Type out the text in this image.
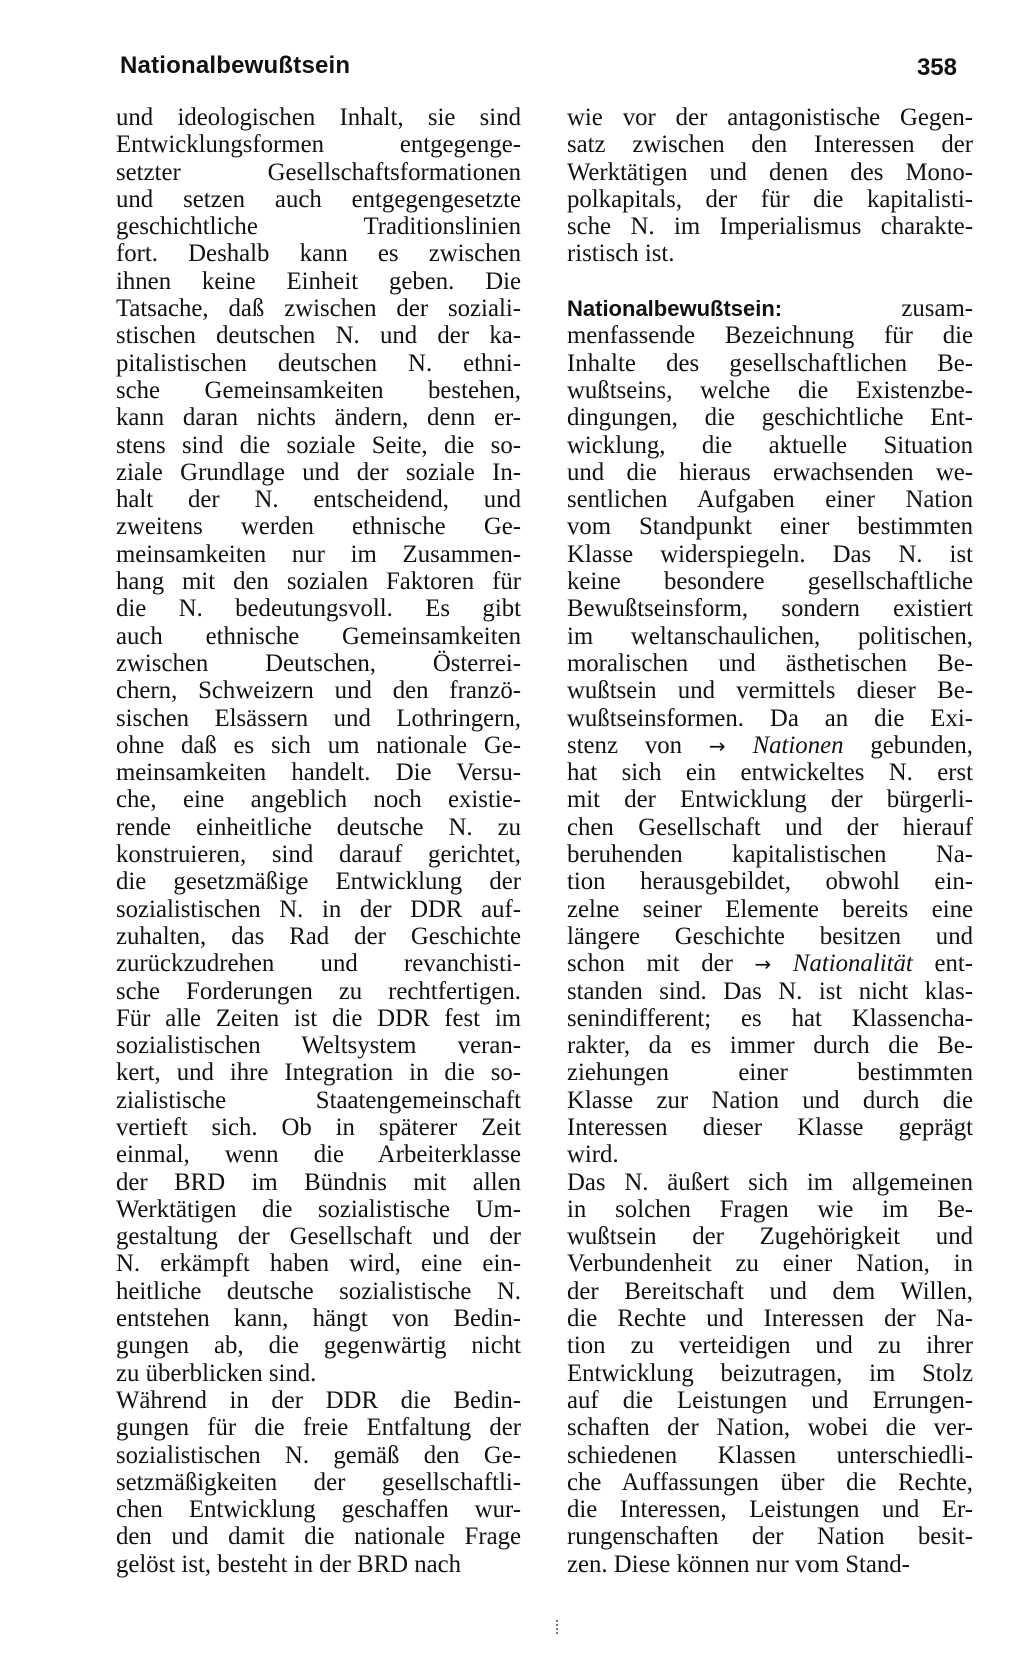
Nationalbewußtsein	358
und ideologischen Inhalt, sie sind
Entwicklungsformen entgegenge-
setzter Gesellschaftsformationen
und setzen auch entgegengesetzte
geschichtliche Traditionslinien
fort. Deshalb kann es zwischen
ihnen keine Einheit geben. Die
Tatsache, daß zwischen der soziali-
stischen deutschen N. und der ka-
pitalistischen deutschen N. ethni-
sche Gemeinsamkeiten bestehen,
kann daran nichts ändern, denn er-
stens sind die soziale Seite, die so-
ziale Grundlage und der soziale In-
halt der N. entscheidend, und
zweitens werden ethnische Ge-
meinsamkeiten nur im Zusammen-
hang mit den sozialen Faktoren für
die N. bedeutungsvoll. Es gibt
auch ethnische Gemeinsamkeiten
zwischen Deutschen, Österrei-
chern, Schweizern und den franzö-
sischen Elsässern und Lothringern,
ohne daß es sich um nationale Ge-
meinsamkeiten handelt. Die Versu-
che, eine angeblich noch existie-
rende einheitliche deutsche N. zu
konstruieren, sind darauf gerichtet,
die gesetzmäßige Entwicklung der
sozialistischen N. in der DDR auf-
zuhalten, das Rad der Geschichte
zurückzudrehen und revanchisti-
sche Forderungen zu rechtfertigen.
Für alle Zeiten ist die DDR fest im
sozialistischen Weltsystem veran-
kert, und ihre Integration in die so-
zialistische Staatengemeinschaft
vertieft sich. Ob in späterer Zeit
einmal, wenn die Arbeiterklasse
der BRD im Bündnis mit allen
Werktätigen die sozialistische Um-
gestaltung der Gesellschaft und der
N. erkämpft haben wird, eine ein-
heitliche deutsche sozialistische N.
entstehen kann, hängt von Bedin-
gungen ab, die gegenwärtig nicht
zu überblicken sind.
Während in der DDR die Bedin-
gungen für die freie Entfaltung der
sozialistischen N. gemäß den Ge-
setzmäßigkeiten der gesellschaftli-
chen Entwicklung geschaffen wur-
den und damit die nationale Frage
gelöst ist, besteht in der BRD nach
wie vor der antagonistische Gegen-
satz zwischen den Interessen der
Werktätigen und denen des Mono-
polkapitals, der für die kapitalisti-
sche N. im Imperialismus charakte-
ristisch ist.
Nationalbewußtsein:	zusam-
menfassende Bezeichnung für die
Inhalte des gesellschaftlichen Be-
wußtseins, welche die Existenzbe-
dingungen, die geschichtliche Ent-
wicklung, die aktuelle Situation
und die hieraus erwachsenden we-
sentlichen Aufgaben einer Nation
vom Standpunkt einer bestimmten
Klasse widerspiegeln. Das N. ist
keine besondere gesellschaftliche
Bewußtseinsform, sondern existiert
im weltanschaulichen, politischen,
moralischen und ästhetischen Be-
wußtsein und vermittels dieser Be-
wußtseinsformen. Da an die Exi-
stenz von → Nationen gebunden,
hat sich ein entwickeltes N. erst
mit der Entwicklung der bürgerli-
chen Gesellschaft und der hierauf
beruhenden kapitalistischen Na-
tion herausgebildet, obwohl ein-
zelne seiner Elemente bereits eine
längere Geschichte besitzen und
schon mit der → Nationalität ent-
standen sind. Das N. ist nicht klas-
senindifferent; es hat Klassencha-
rakter, da es immer durch die Be-
ziehungen einer bestimmten
Klasse zur Nation und durch die
Interessen dieser Klasse geprägt
wird.
Das N. äußert sich im allgemeinen
in solchen Fragen wie im Be-
wußtsein der Zugehörigkeit und
Verbundenheit zu einer Nation, in
der Bereitschaft und dem Willen,
die Rechte und Interessen der Na-
tion zu verteidigen und zu ihrer
Entwicklung beizutragen, im Stolz
auf die Leistungen und Errungen-
schaften der Nation, wobei die ver-
schiedenen Klassen unterschiedli-
che Auffassungen über die Rechte,
die Interessen, Leistungen und Er-
rungenschaften der Nation besit-
zen. Diese können nur vom Stand-
